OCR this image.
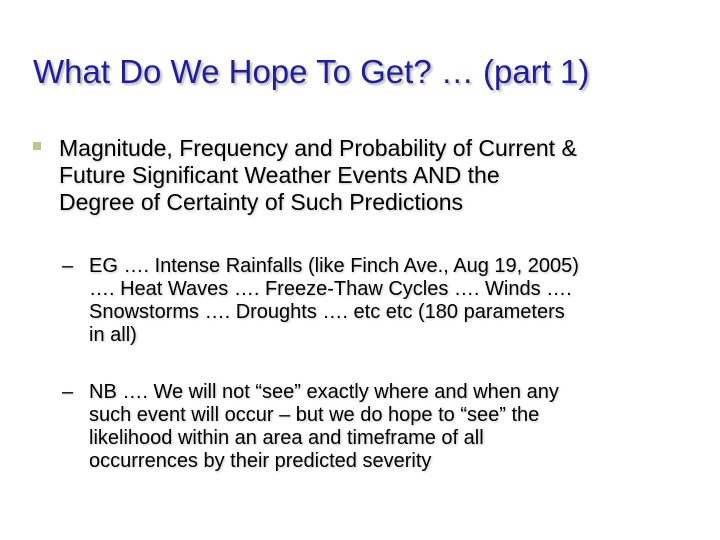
What Do We Hope To Get? … (part 1)
Magnitude, Frequency and Probability of Current &
Future Significant Weather Events AND the
Degree of Certainty of Such Predictions
– EG …. Intense Rainfalls (like Finch Ave., Aug 19, 2005)
…. Heat Waves …. Freeze-Thaw Cycles …. Winds ….
Snowstorms …. Droughts …. etc etc (180 parameters
in all)
– NB …. We will not “see” exactly where and when any
such event will occur – but we do hope to “see” the
likelihood within an area and timeframe of all
occurrences by their predicted severity
